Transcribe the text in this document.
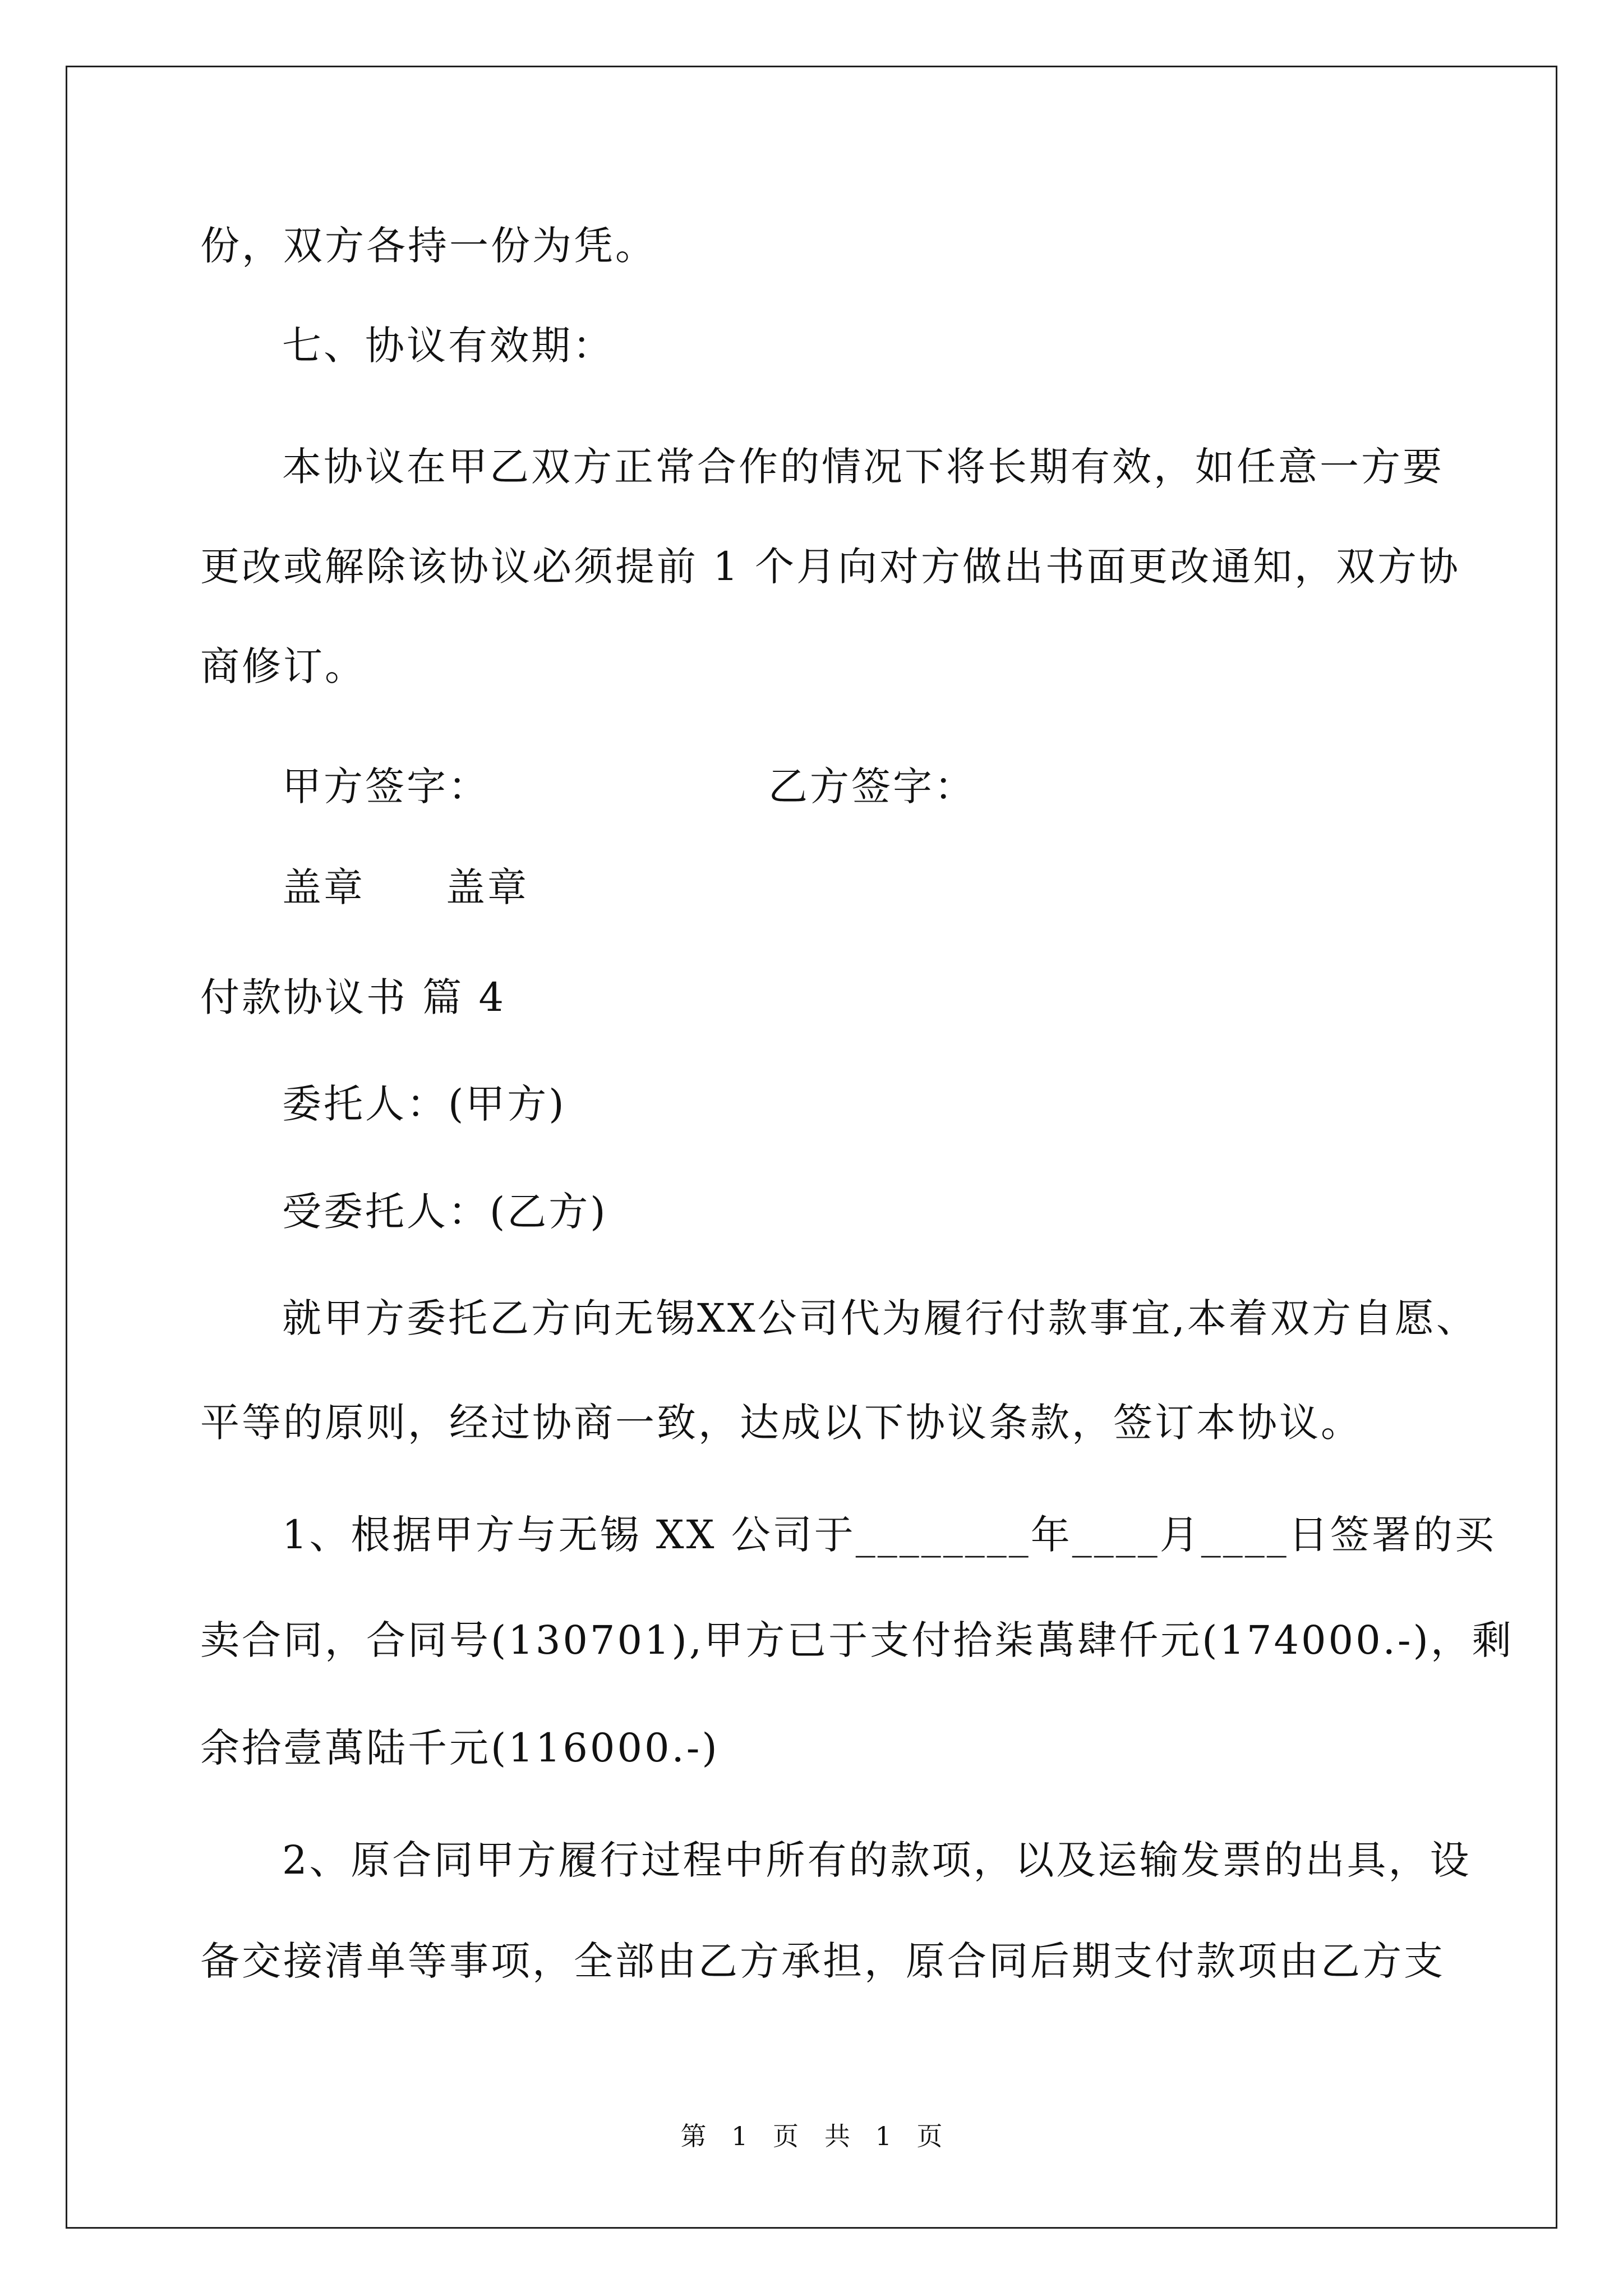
份，双方各持一份为凭。
七、协议有效期：
本协议在甲乙双方正常合作的情况下将长期有效，如任意一方要
更改或解除该协议必须提前 1 个月向对方做出书面更改通知，双方协
商修订。
甲方签字：	乙方签字：
盖章 盖章
付款协议书 篇 4
委托人：(甲方)
受委托人：(乙方)
就甲方委托乙方向无锡XX公司代为履行付款事宜,本着双方自愿、
平等的原则，经过协商一致，达成以下协议条款，签订本协议。
1、根据甲方与无锡 XX 公司于________年____月____日签署的买
卖合同，合同号(130701),甲方已于支付拾柒萬肆仟元(174000.-)，剩
余拾壹萬陆千元(116000.-)
2、原合同甲方履行过程中所有的款项，以及运输发票的出具，设
备交接清单等事项，全部由乙方承担，原合同后期支付款项由乙方支
第 1 页　共 1 页
